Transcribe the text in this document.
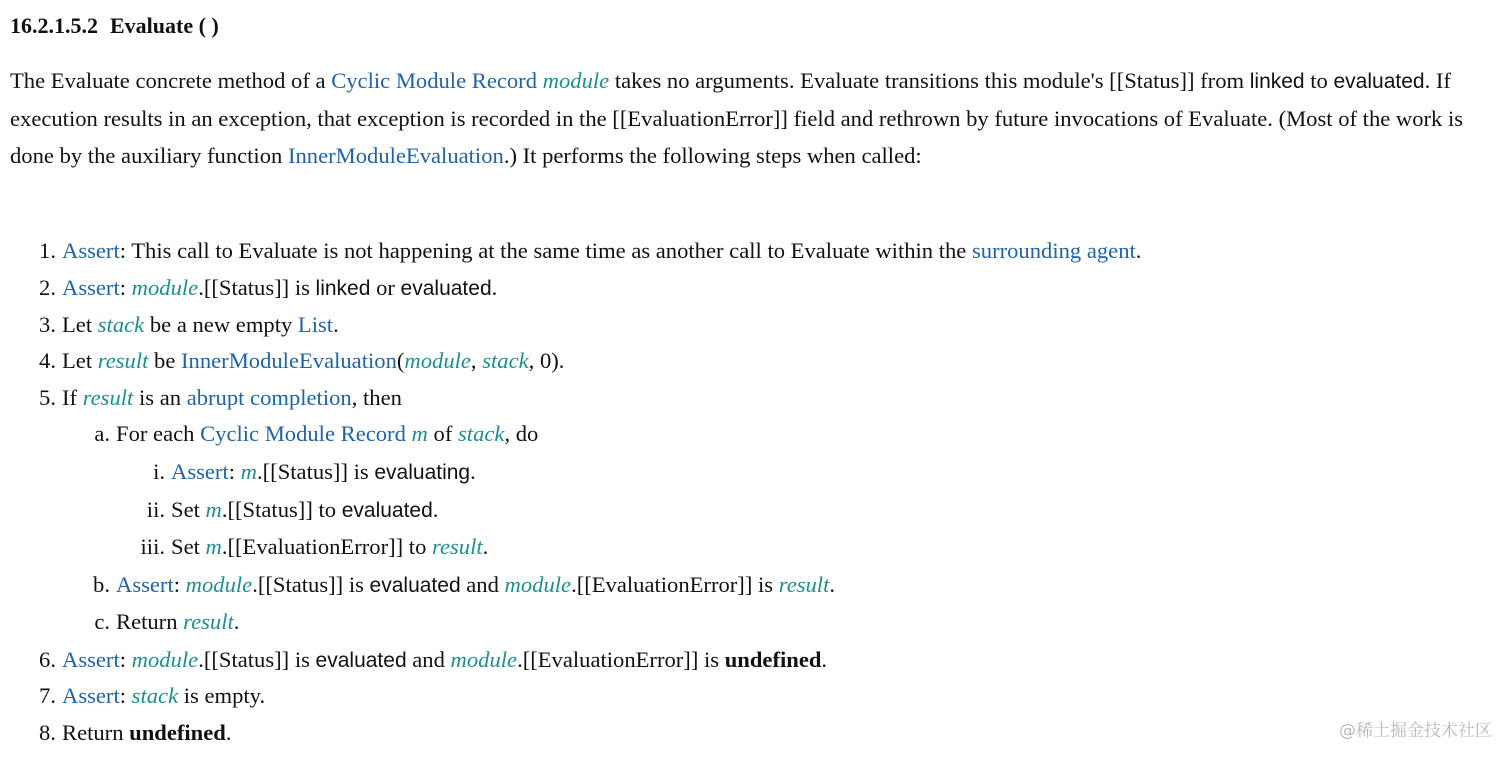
16.2.1.5.2 Evaluate ( )
The Evaluate concrete method of a Cyclic Module Record module takes no arguments. Evaluate transitions this module's [[Status]] from linked to evaluated. If execution results in an exception, that exception is recorded in the [[EvaluationError]] field and rethrown by future invocations of Evaluate. (Most of the work is done by the auxiliary function InnerModuleEvaluation.) It performs the following steps when called:
1. Assert: This call to Evaluate is not happening at the same time as another call to Evaluate within the surrounding agent.
2. Assert: module.[[Status]] is linked or evaluated.
3. Let stack be a new empty List.
4. Let result be InnerModuleEvaluation(module, stack, 0).
5. If result is an abrupt completion, then
a. For each Cyclic Module Record m of stack, do
i. Assert: m.[[Status]] is evaluating.
ii. Set m.[[Status]] to evaluated.
iii. Set m.[[EvaluationError]] to result.
b. Assert: module.[[Status]] is evaluated and module.[[EvaluationError]] is result.
c. Return result.
6. Assert: module.[[Status]] is evaluated and module.[[EvaluationError]] is undefined.
7. Assert: stack is empty.
8. Return undefined.	@稀土掘金技术社区
